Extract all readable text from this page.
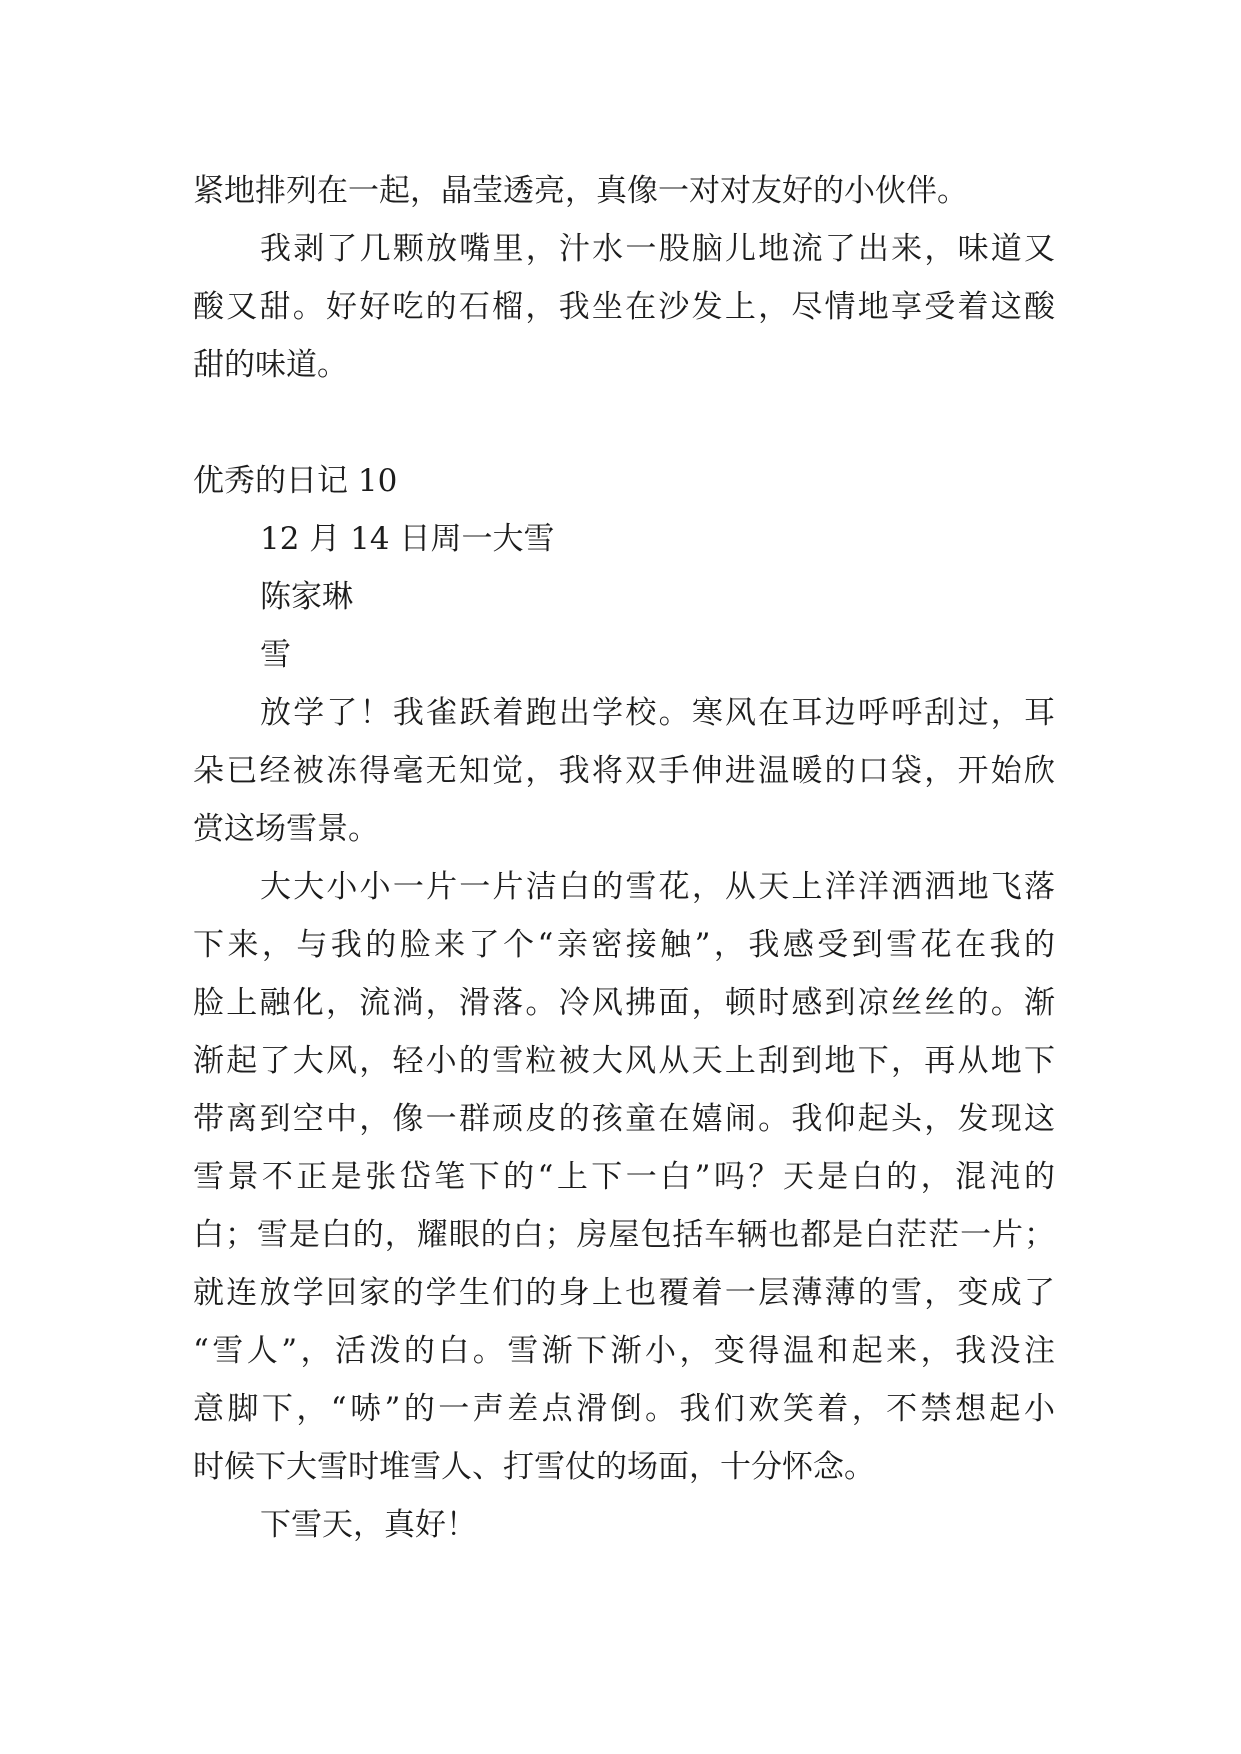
紧地排列在一起，晶莹透亮，真像一对对友好的小伙伴。
我剥了几颗放嘴里，汁水一股脑儿地流了出来，味道又
酸又甜。好好吃的石榴，我坐在沙发上，尽情地享受着这酸
甜的味道。
优秀的日记 10
12 月 14 日周一大雪
陈家琳
雪
放学了！我雀跃着跑出学校。寒风在耳边呼呼刮过，耳
朵已经被冻得毫无知觉，我将双手伸进温暖的口袋，开始欣
赏这场雪景。
大大小小一片一片洁白的雪花，从天上洋洋洒洒地飞落
下来，与我的脸来了个“亲密接触”，我感受到雪花在我的
脸上融化，流淌，滑落。冷风拂面，顿时感到凉丝丝的。渐
渐起了大风，轻小的雪粒被大风从天上刮到地下，再从地下
带离到空中，像一群顽皮的孩童在嬉闹。我仰起头，发现这
雪景不正是张岱笔下的“上下一白”吗？天是白的，混沌的
白；雪是白的，耀眼的白；房屋包括车辆也都是白茫茫一片；
就连放学回家的学生们的身上也覆着一层薄薄的雪，变成了
“雪人”，活泼的白。雪渐下渐小，变得温和起来，我没注
意脚下，“哧”的一声差点滑倒。我们欢笑着，不禁想起小
时候下大雪时堆雪人、打雪仗的场面，十分怀念。
下雪天，真好！
